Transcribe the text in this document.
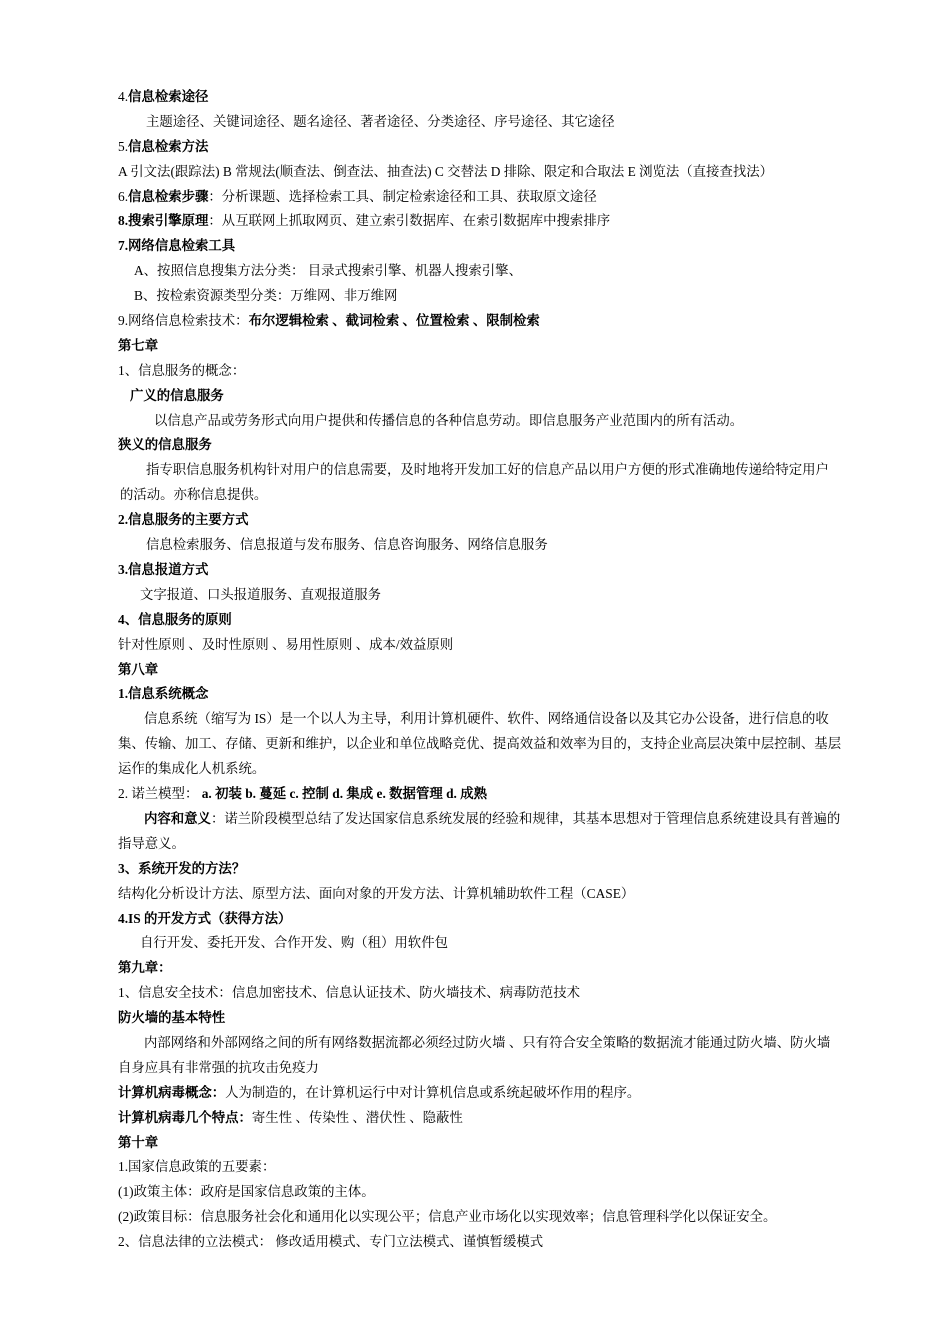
4.信息检索途径
主题途径、关键词途径、题名途径、著者途径、分类途径、序号途径、其它途径
5.信息检索方法
A 引文法(跟踪法) B 常规法(顺查法、倒查法、抽查法) C 交替法 D 排除、限定和合取法 E 浏览法（直接查找法）
6.信息检索步骤：分析课题、选择检索工具、制定检索途径和工具、获取原文途径
8.搜索引擎原理：从互联网上抓取网页、建立索引数据库、在索引数据库中搜索排序
7.网络信息检索工具
A、按照信息搜集方法分类： 目录式搜索引擎、机器人搜索引擎、
B、按检索资源类型分类：万维网、非万维网
9.网络信息检索技术：布尔逻辑检索 、截词检索 、位置检索 、限制检索
第七章
1、信息服务的概念：
广义的信息服务
以信息产品或劳务形式向用户提供和传播信息的各种信息劳动。即信息服务产业范围内的所有活动。
狭义的信息服务
指专职信息服务机构针对用户的信息需要，及时地将开发加工好的信息产品以用户方便的形式准确地传递给特定用户的活动。亦称信息提供。
2.信息服务的主要方式
信息检索服务、信息报道与发布服务、信息咨询服务、网络信息服务
3.信息报道方式
文字报道、口头报道服务、直观报道服务
4、信息服务的原则
针对性原则 、及时性原则 、易用性原则 、成本/效益原则
第八章
1.信息系统概念
信息系统（缩写为 IS）是一个以人为主导，利用计算机硬件、软件、网络通信设备以及其它办公设备，进行信息的收集、传输、加工、存储、更新和维护，以企业和单位战略竞优、提高效益和效率为目的，支持企业高层决策中层控制、基层运作的集成化人机系统。
2. 诺兰模型： a. 初装 b. 蔓延 c. 控制 d. 集成 e. 数据管理 d. 成熟
内容和意义：诺兰阶段模型总结了发达国家信息系统发展的经验和规律，其基本思想对于管理信息系统建设具有普遍的指导意义。
3、系统开发的方法？
结构化分析设计方法、原型方法、面向对象的开发方法、计算机辅助软件工程（CASE）
4.IS 的开发方式（获得方法）
自行开发、委托开发、合作开发、购（租）用软件包
第九章：
1、信息安全技术：信息加密技术、信息认证技术、防火墙技术、病毒防范技术
防火墙的基本特性
内部网络和外部网络之间的所有网络数据流都必须经过防火墙 、只有符合安全策略的数据流才能通过防火墙、防火墙自身应具有非常强的抗攻击免疫力
计算机病毒概念：人为制造的，在计算机运行中对计算机信息或系统起破坏作用的程序。
计算机病毒几个特点：寄生性 、传染性 、潜伏性 、隐蔽性
第十章
1.国家信息政策的五要素：
(1)政策主体：政府是国家信息政策的主体。
(2)政策目标：信息服务社会化和通用化以实现公平；信息产业市场化以实现效率；信息管理科学化以保证安全。
2、信息法律的立法模式： 修改适用模式、专门立法模式、谨慎暂缓模式
